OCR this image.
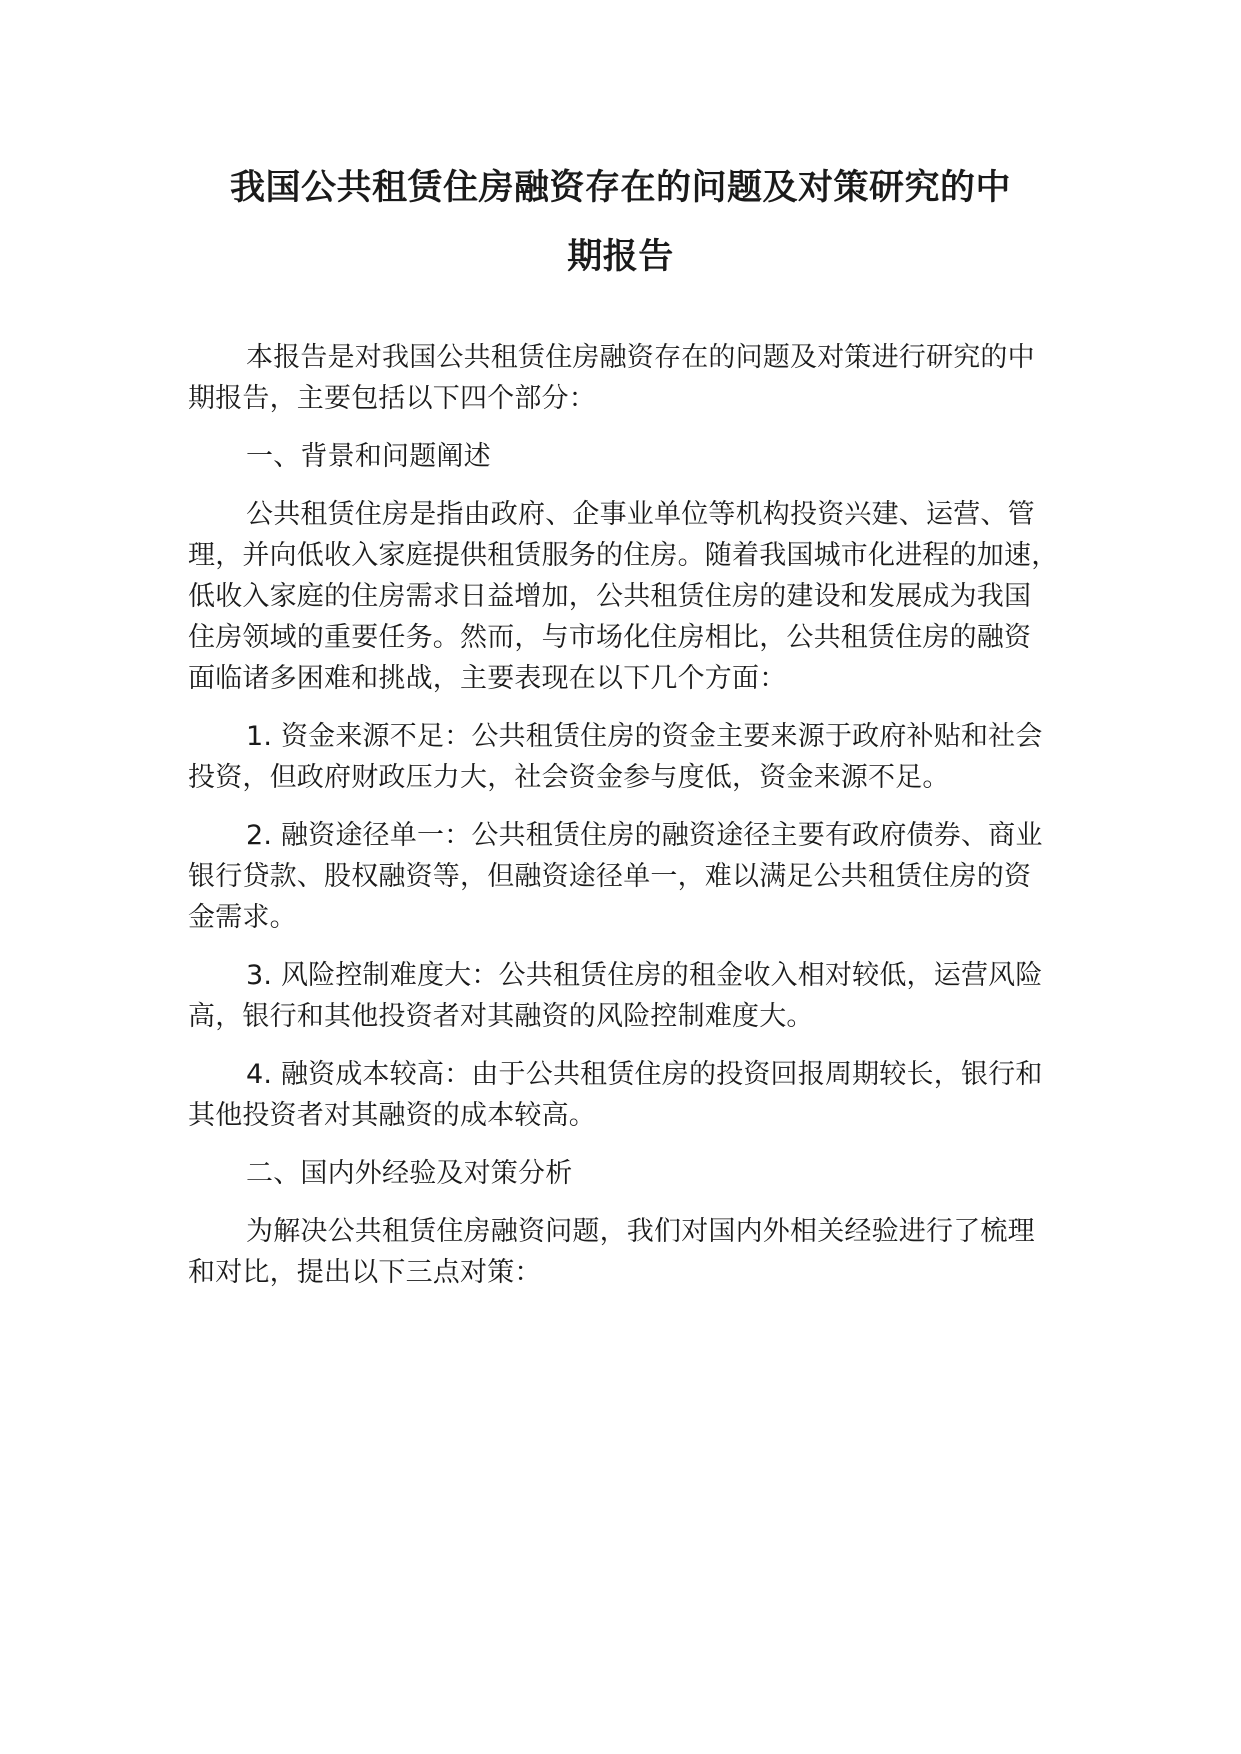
我国公共租赁住房融资存在的问题及对策研究的中
期报告
本报告是对我国公共租赁住房融资存在的问题及对策进行研究的中
期报告，主要包括以下四个部分：
一、背景和问题阐述
公共租赁住房是指由政府、企事业单位等机构投资兴建、运营、管
理，并向低收入家庭提供租赁服务的住房。随着我国城市化进程的加速，
低收入家庭的住房需求日益增加，公共租赁住房的建设和发展成为我国
住房领域的重要任务。然而，与市场化住房相比，公共租赁住房的融资
面临诸多困难和挑战，主要表现在以下几个方面：
1. 资金来源不足：公共租赁住房的资金主要来源于政府补贴和社会
投资，但政府财政压力大，社会资金参与度低，资金来源不足。
2. 融资途径单一：公共租赁住房的融资途径主要有政府债券、商业
银行贷款、股权融资等，但融资途径单一，难以满足公共租赁住房的资
金需求。
3. 风险控制难度大：公共租赁住房的租金收入相对较低，运营风险
高，银行和其他投资者对其融资的风险控制难度大。
4. 融资成本较高：由于公共租赁住房的投资回报周期较长，银行和
其他投资者对其融资的成本较高。
二、国内外经验及对策分析
为解决公共租赁住房融资问题，我们对国内外相关经验进行了梳理
和对比，提出以下三点对策：
